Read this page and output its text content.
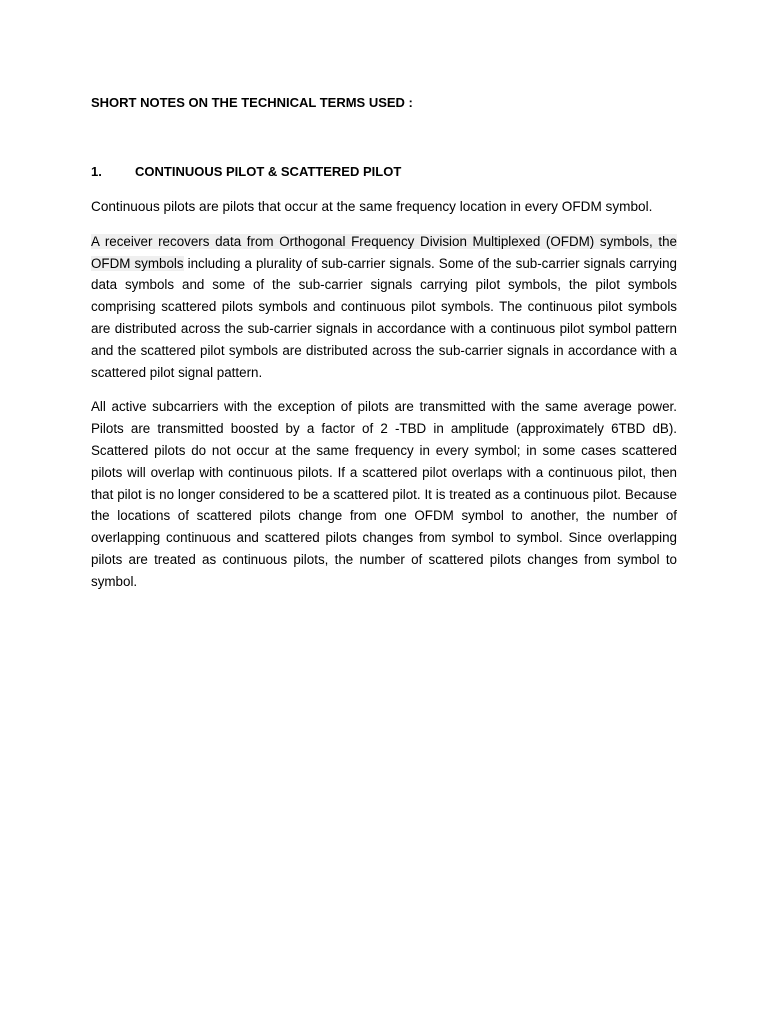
SHORT NOTES ON THE TECHNICAL TERMS USED :

1.	CONTINUOUS PILOT & SCATTERED PILOT

Continuous pilots are pilots that occur at the same frequency location in every OFDM symbol.

A receiver recovers data from Orthogonal Frequency Division Multiplexed (OFDM) symbols, the OFDM symbols including a plurality of sub-carrier signals. Some of the sub-carrier signals carrying data symbols and some of the sub-carrier signals carrying pilot symbols, the pilot symbols comprising scattered pilots symbols and continuous pilot symbols. The continuous pilot symbols are distributed across the sub-carrier signals in accordance with a continuous pilot symbol pattern and the scattered pilot symbols are distributed across the sub-carrier signals in accordance with a scattered pilot signal pattern.

All active subcarriers with the exception of pilots are transmitted with the same average power. Pilots are transmitted boosted by a factor of 2 -TBD in amplitude (approximately 6TBD dB). Scattered pilots do not occur at the same frequency in every symbol; in some cases scattered pilots will overlap with continuous pilots. If a scattered pilot overlaps with a continuous pilot, then that pilot is no longer considered to be a scattered pilot. It is treated as a continuous pilot. Because the locations of scattered pilots change from one OFDM symbol to another, the number of overlapping continuous and scattered pilots changes from symbol to symbol. Since overlapping pilots are treated as continuous pilots, the number of scattered pilots changes from symbol to symbol.
